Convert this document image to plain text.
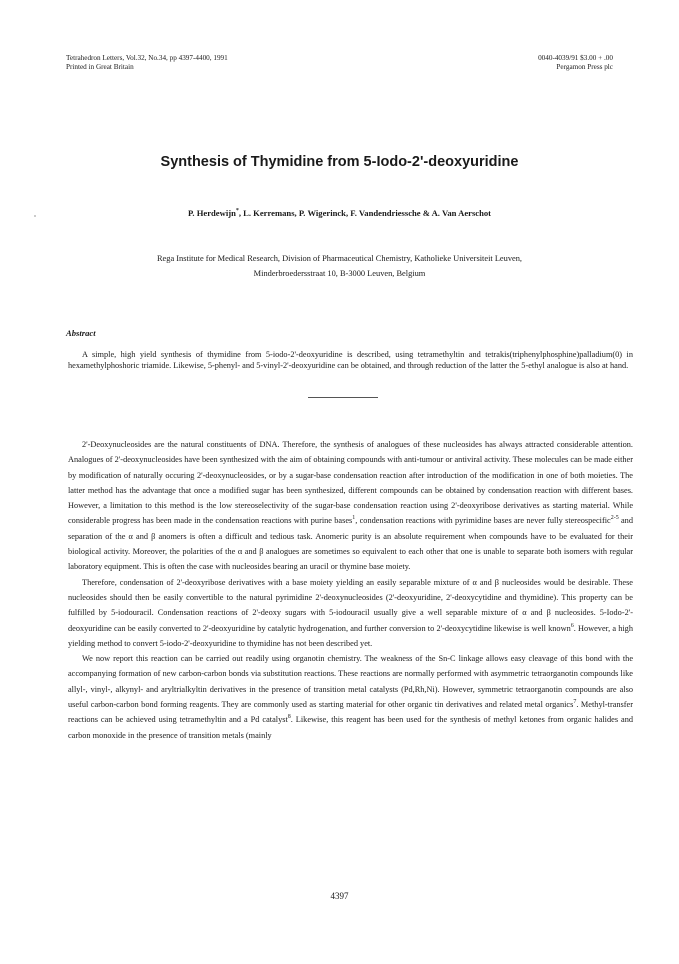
Tetrahedron Letters, Vol.32, No.34, pp 4397-4400, 1991
Printed in Great Britain
0040-4039/91 $3.00 + .00
Pergamon Press plc
Synthesis of Thymidine from 5-Iodo-2'-deoxyuridine
P. Herdewijn*, L. Kerremans, P. Wigerinck, F. Vandendriessche & A. Van Aerschot
Rega Institute for Medical Research, Division of Pharmaceutical Chemistry, Katholieke Universiteit Leuven,
Minderbroedersstraat 10, B-3000 Leuven, Belgium
Abstract

A simple, high yield synthesis of thymidine from 5-iodo-2'-deoxyuridine is described, using tetramethyltin and tetrakis(triphenylphosphine)palladium(0) in hexamethylphoshoric triamide. Likewise, 5-phenyl- and 5-vinyl-2'-deoxyuridine can be obtained, and through reduction of the latter the 5-ethyl analogue is also at hand.

2'-Deoxynucleosides are the natural constituents of DNA. Therefore, the synthesis of analogues of these nucleosides has always attracted considerable attention. Analogues of 2'-deoxynucleosides have been synthesized with the aim of obtaining compounds with anti-tumour or antiviral activity. These molecules can be made either by modification of naturally occuring 2'-deoxynucleosides, or by a sugar-base condensation reaction after introduction of the modification in one of both moieties. The latter method has the advantage that once a modified sugar has been synthesized, different compounds can be obtained by condensation reaction with different bases. However, a limitation to this method is the low stereoselectivity of the sugar-base condensation reaction using 2'-deoxyribose derivatives as starting material. While considerable progress has been made in the condensation reactions with purine bases$^1$, condensation reactions with pyrimidine bases are never fully stereospecific$^{2-5}$ and separation of the α and β anomers is often a difficult and tedious task. Anomeric purity is an absolute requirement when compounds have to be evaluated for their biological activity. Moreover, the polarities of the α and β analogues are sometimes so equivalent to each other that one is unable to separate both isomers with regular laboratory equipment. This is often the case with nucleosides bearing an uracil or thymine base moiety.

Therefore, condensation of 2'-deoxyribose derivatives with a base moiety yielding an easily separable mixture of α and β nucleosides would be desirable. These nucleosides should then be easily convertible to the natural pyrimidine 2'-deoxynucleosides (2'-deoxyuridine, 2'-deoxycytidine and thymidine). This property can be fulfilled by 5-iodouracil. Condensation reactions of 2'-deoxy sugars with 5-iodouracil usually give a well separable mixture of α and β nucleosides. 5-Iodo-2'-deoxyuridine can be easily converted to 2'-deoxyuridine by catalytic hydrogenation, and further conversion to 2'-deoxycytidine likewise is well known$^6$. However, a high yielding method to convert 5-iodo-2'-deoxyuridine to thymidine has not been described yet.

We now report this reaction can be carried out readily using organotin chemistry. The weakness of the Sn-C linkage allows easy cleavage of this bond with the accompanying formation of new carbon-carbon bonds via substitution reactions. These reactions are normally performed with asymmetric tetraorganotin compounds like allyl-, vinyl-, alkynyl- and aryltrialkyltin derivatives in the presence of transition metal catalysts (Pd,Rh,Ni). However, symmetric tetraorganotin compounds are also useful carbon-carbon bond forming reagents. They are commonly used as starting material for other organic tin derivatives and related metal organics$^7$. Methyl-transfer reactions can be achieved using tetramethyltin and a Pd catalyst$^8$. Likewise, this reagent has been used for the synthesis of methyl ketones from organic halides and carbon monoxide in the presence of transition metals (mainly

4397
